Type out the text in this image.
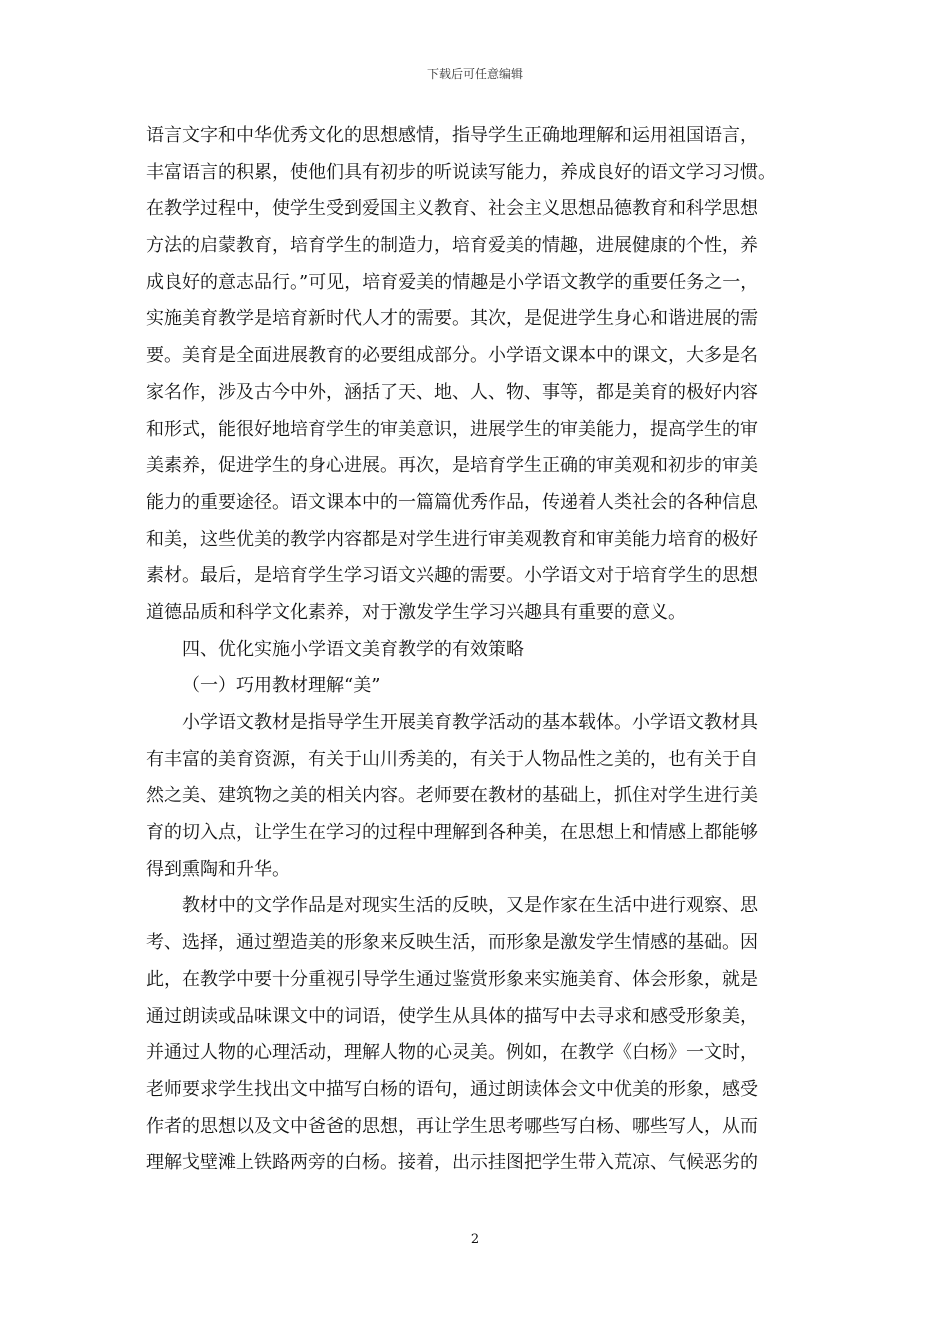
下载后可任意编辑
语言文字和中华优秀文化的思想感情，指导学生正确地理解和运用祖国语言，
丰富语言的积累，使他们具有初步的听说读写能力，养成良好的语文学习习惯。
在教学过程中，使学生受到爱国主义教育、社会主义思想品德教育和科学思想
方法的启蒙教育，培育学生的制造力，培育爱美的情趣，进展健康的个性，养
成良好的意志品行。”可见，培育爱美的情趣是小学语文教学的重要任务之一，
实施美育教学是培育新时代人才的需要。其次，是促进学生身心和谐进展的需
要。美育是全面进展教育的必要组成部分。小学语文课本中的课文，大多是名
家名作，涉及古今中外，涵括了天、地、人、物、事等，都是美育的极好内容
和形式，能很好地培育学生的审美意识，进展学生的审美能力，提高学生的审
美素养，促进学生的身心进展。再次，是培育学生正确的审美观和初步的审美
能力的重要途径。语文课本中的一篇篇优秀作品，传递着人类社会的各种信息
和美，这些优美的教学内容都是对学生进行审美观教育和审美能力培育的极好
素材。最后，是培育学生学习语文兴趣的需要。小学语文对于培育学生的思想
道德品质和科学文化素养，对于激发学生学习兴趣具有重要的意义。
四、优化实施小学语文美育教学的有效策略
（一）巧用教材理解“美”
小学语文教材是指导学生开展美育教学活动的基本载体。小学语文教材具
有丰富的美育资源，有关于山川秀美的，有关于人物品性之美的，也有关于自
然之美、建筑物之美的相关内容。老师要在教材的基础上，抓住对学生进行美
育的切入点，让学生在学习的过程中理解到各种美，在思想上和情感上都能够
得到熏陶和升华。
教材中的文学作品是对现实生活的反映，又是作家在生活中进行观察、思
考、选择，通过塑造美的形象来反映生活，而形象是激发学生情感的基础。因
此，在教学中要十分重视引导学生通过鉴赏形象来实施美育、体会形象，就是
通过朗读或品味课文中的词语，使学生从具体的描写中去寻求和感受形象美，
并通过人物的心理活动，理解人物的心灵美。例如，在教学《白杨》一文时，
老师要求学生找出文中描写白杨的语句，通过朗读体会文中优美的形象，感受
作者的思想以及文中爸爸的思想，再让学生思考哪些写白杨、哪些写人，从而
理解戈壁滩上铁路两旁的白杨。接着，出示挂图把学生带入荒凉、气候恶劣的
2
